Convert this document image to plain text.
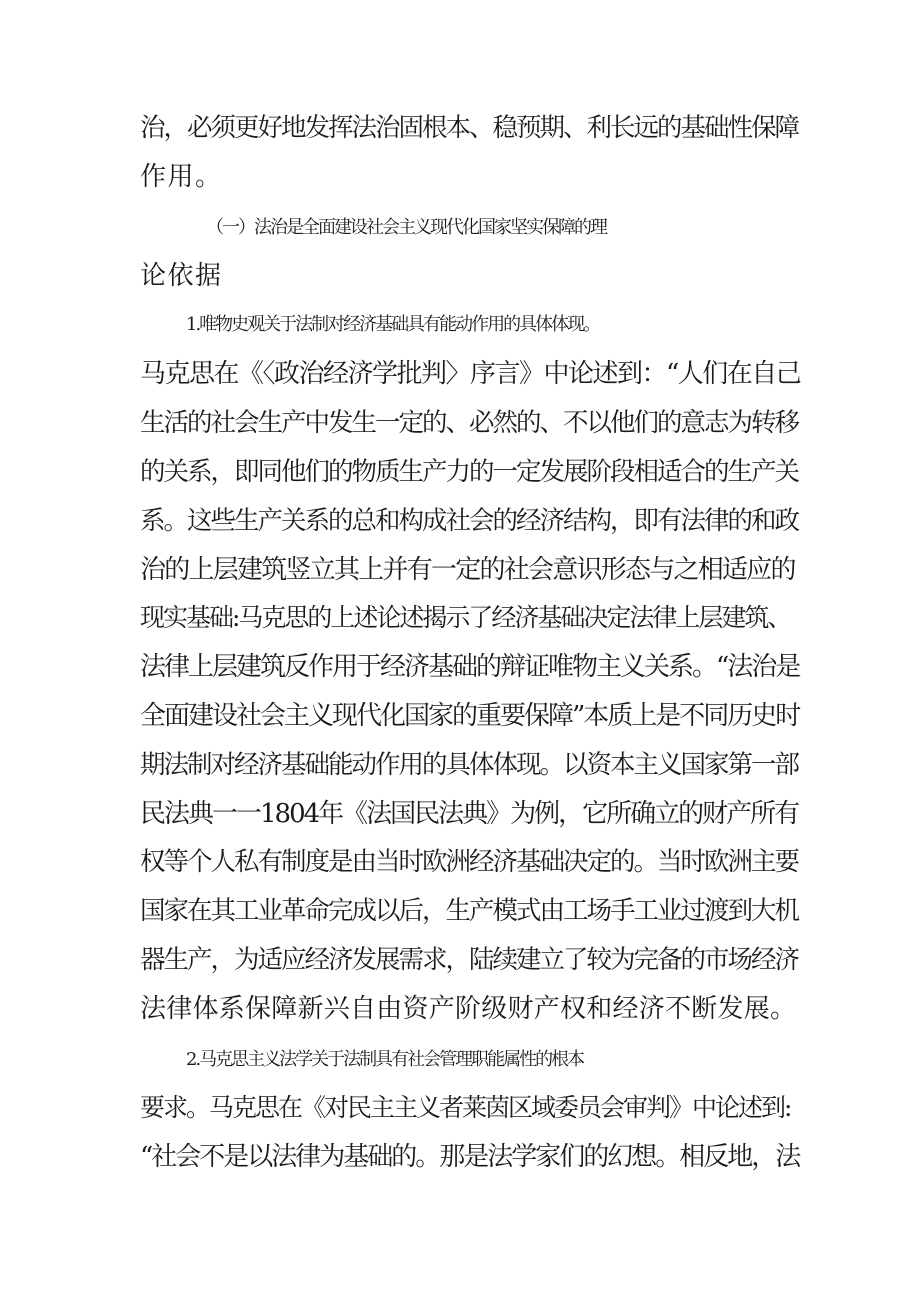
治，必须更好地发挥法治固根本、稳预期、利长远的基础性保障
作用。
（一）法治是全面建设社会主义现代化国家坚实保障的理
论依据
1.唯物史观关于法制对经济基础具有能动作用的具体体现。
马克思在《〈政治经济学批判〉序言》中论述到：“人们在自己
生活的社会生产中发生一定的、必然的、不以他们的意志为转移
的关系，即同他们的物质生产力的一定发展阶段相适合的生产关
系。这些生产关系的总和构成社会的经济结构，即有法律的和政
治的上层建筑竖立其上并有一定的社会意识形态与之相适应的
现实基础:马克思的上述论述揭示了经济基础决定法律上层建筑、
法律上层建筑反作用于经济基础的辩证唯物主义关系。“法治是
全面建设社会主义现代化国家的重要保障”本质上是不同历史时
期法制对经济基础能动作用的具体体现。以资本主义国家第一部
民法典一一1804年《法国民法典》为例，它所确立的财产所有
权等个人私有制度是由当时欧洲经济基础决定的。当时欧洲主要
国家在其工业革命完成以后，生产模式由工场手工业过渡到大机
器生产，为适应经济发展需求，陆续建立了较为完备的市场经济
法律体系保障新兴自由资产阶级财产权和经济不断发展。
2.马克思主义法学关于法制具有社会管理职能属性的根本
要求。马克思在《对民主主义者莱茵区域委员会审判》中论述到:
“社会不是以法律为基础的。那是法学家们的幻想。相反地，法
